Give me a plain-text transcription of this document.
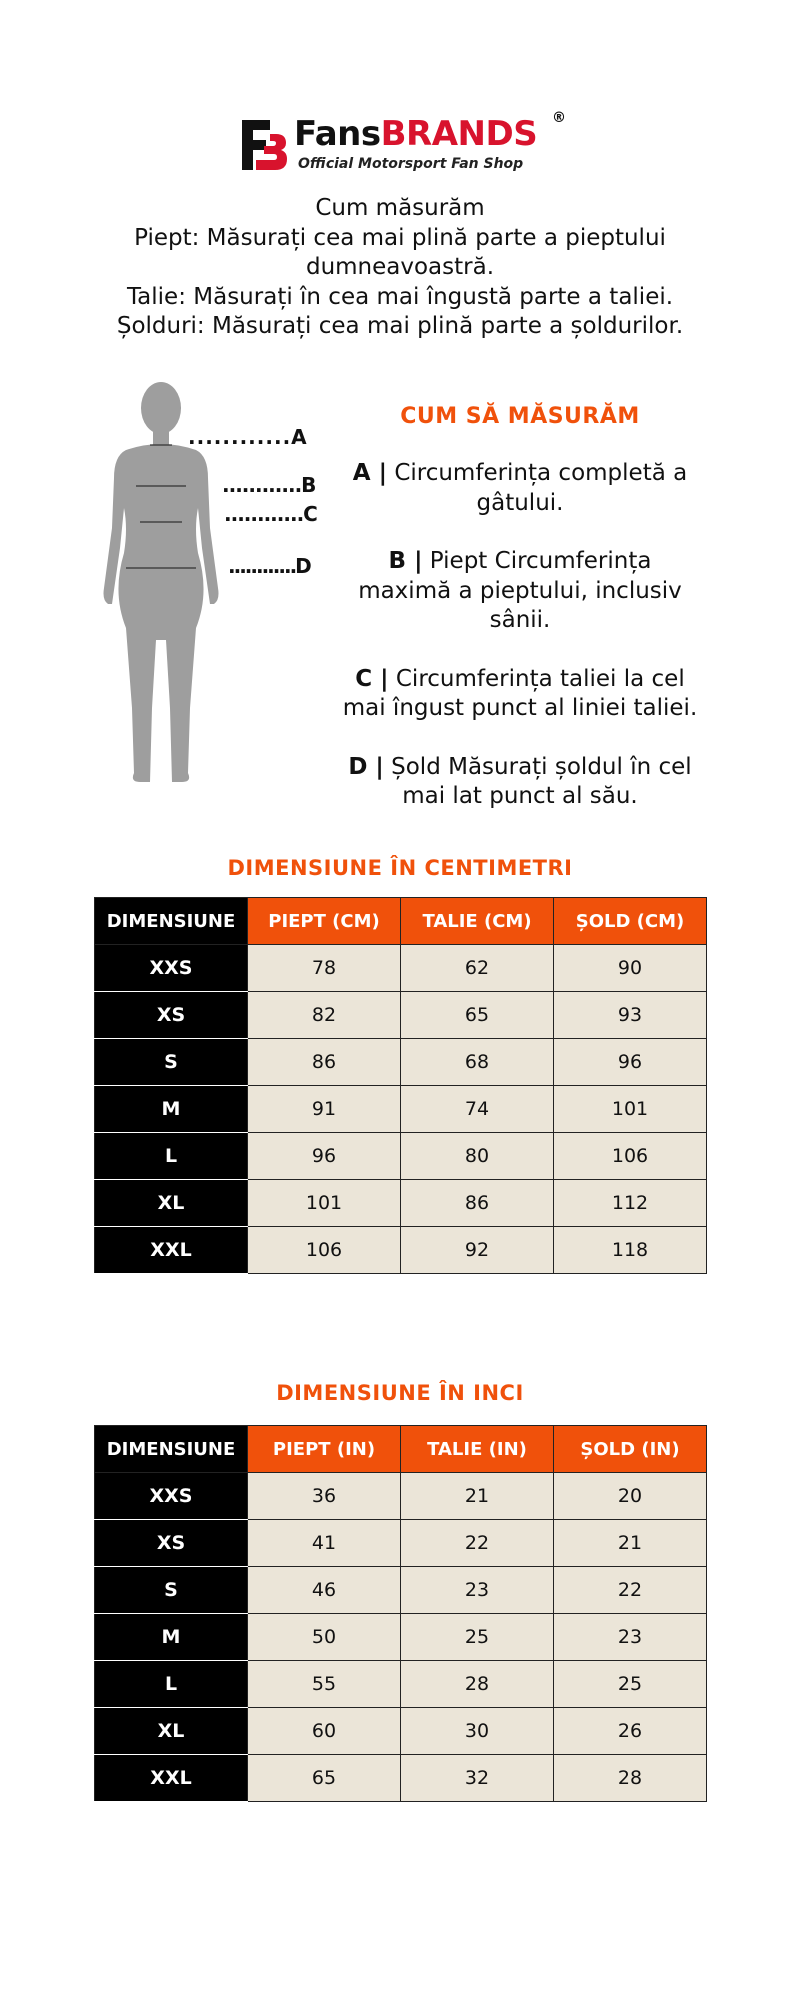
FansBRANDS ®
Official Motorsport Fan Shop
Cum măsurăm
Piept: Măsurați cea mai plină parte a pieptului
dumneavoastră.
Talie: Măsurați în cea mai îngustă parte a taliei.
Șolduri: Măsurați cea mai plină parte a șoldurilor.
............A
............B
............C
............D
CUM SĂ MĂSURĂM
A | Circumferința completă a
gâtului.
B | Piept Circumferința
maximă a pieptului, inclusiv
sânii.
C | Circumferința taliei la cel
mai îngust punct al liniei taliei.
D | Șold Măsurați șoldul în cel
mai lat punct al său.
DIMENSIUNE ÎN CENTIMETRI
DIMENSIUNE	PIEPT (CM)	TALIE (CM)	ȘOLD (CM)
XXS	78	62	90
XS	82	65	93
S	86	68	96
M	91	74	101
L	96	80	106
XL	101	86	112
XXL	106	92	118
DIMENSIUNE ÎN INCI
DIMENSIUNE	PIEPT (IN)	TALIE (IN)	ȘOLD (IN)
XXS	36	21	20
XS	41	22	21
S	46	23	22
M	50	25	23
L	55	28	25
XL	60	30	26
XXL	65	32	28
